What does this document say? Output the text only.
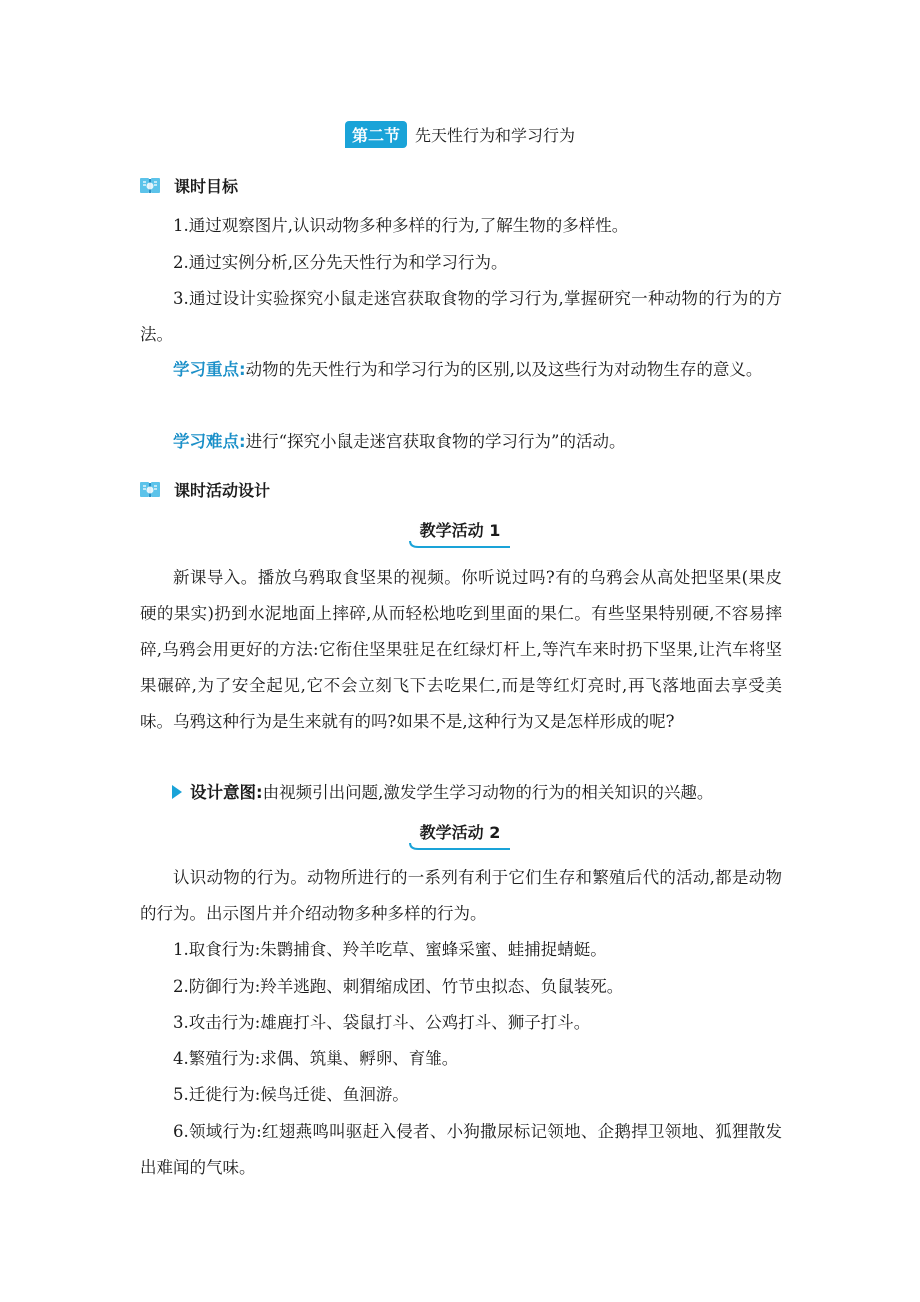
第二节 先天性行为和学习行为
课时目标

1.通过观察图片,认识动物多种多样的行为,了解生物的多样性。

2.通过实例分析,区分先天性行为和学习行为。

3.通过设计实验探究小鼠走迷宫获取食物的学习行为,掌握研究一种动物的行为的方法。

学习重点:动物的先天性行为和学习行为的区别,以及这些行为对动物生存的意义。

学习难点:进行“探究小鼠走迷宫获取食物的学习行为”的活动。

课时活动设计
教学活动 1

新课导入。播放乌鸦取食坚果的视频。你听说过吗?有的乌鸦会从高处把坚果(果皮硬的果实)扔到水泥地面上摔碎,从而轻松地吃到里面的果仁。有些坚果特别硬,不容易摔碎,乌鸦会用更好的方法:它衔住坚果驻足在红绿灯杆上,等汽车来时扔下坚果,让汽车将坚果碾碎,为了安全起见,它不会立刻飞下去吃果仁,而是等红灯亮时,再飞落地面去享受美味。乌鸦这种行为是生来就有的吗?如果不是,这种行为又是怎样形成的呢?

设计意图:由视频引出问题,激发学生学习动物的行为的相关知识的兴趣。
教学活动 2

认识动物的行为。动物所进行的一系列有利于它们生存和繁殖后代的活动,都是动物的行为。出示图片并介绍动物多种多样的行为。

1.取食行为:朱鹮捕食、羚羊吃草、蜜蜂采蜜、蛙捕捉蜻蜓。

2.防御行为:羚羊逃跑、刺猬缩成团、竹节虫拟态、负鼠装死。

3.攻击行为:雄鹿打斗、袋鼠打斗、公鸡打斗、狮子打斗。

4.繁殖行为:求偶、筑巢、孵卵、育雏。

5.迁徙行为:候鸟迁徙、鱼洄游。

6.领域行为:红翅燕鸣叫驱赶入侵者、小狗撒尿标记领地、企鹅捍卫领地、狐狸散发出难闻的气味。
